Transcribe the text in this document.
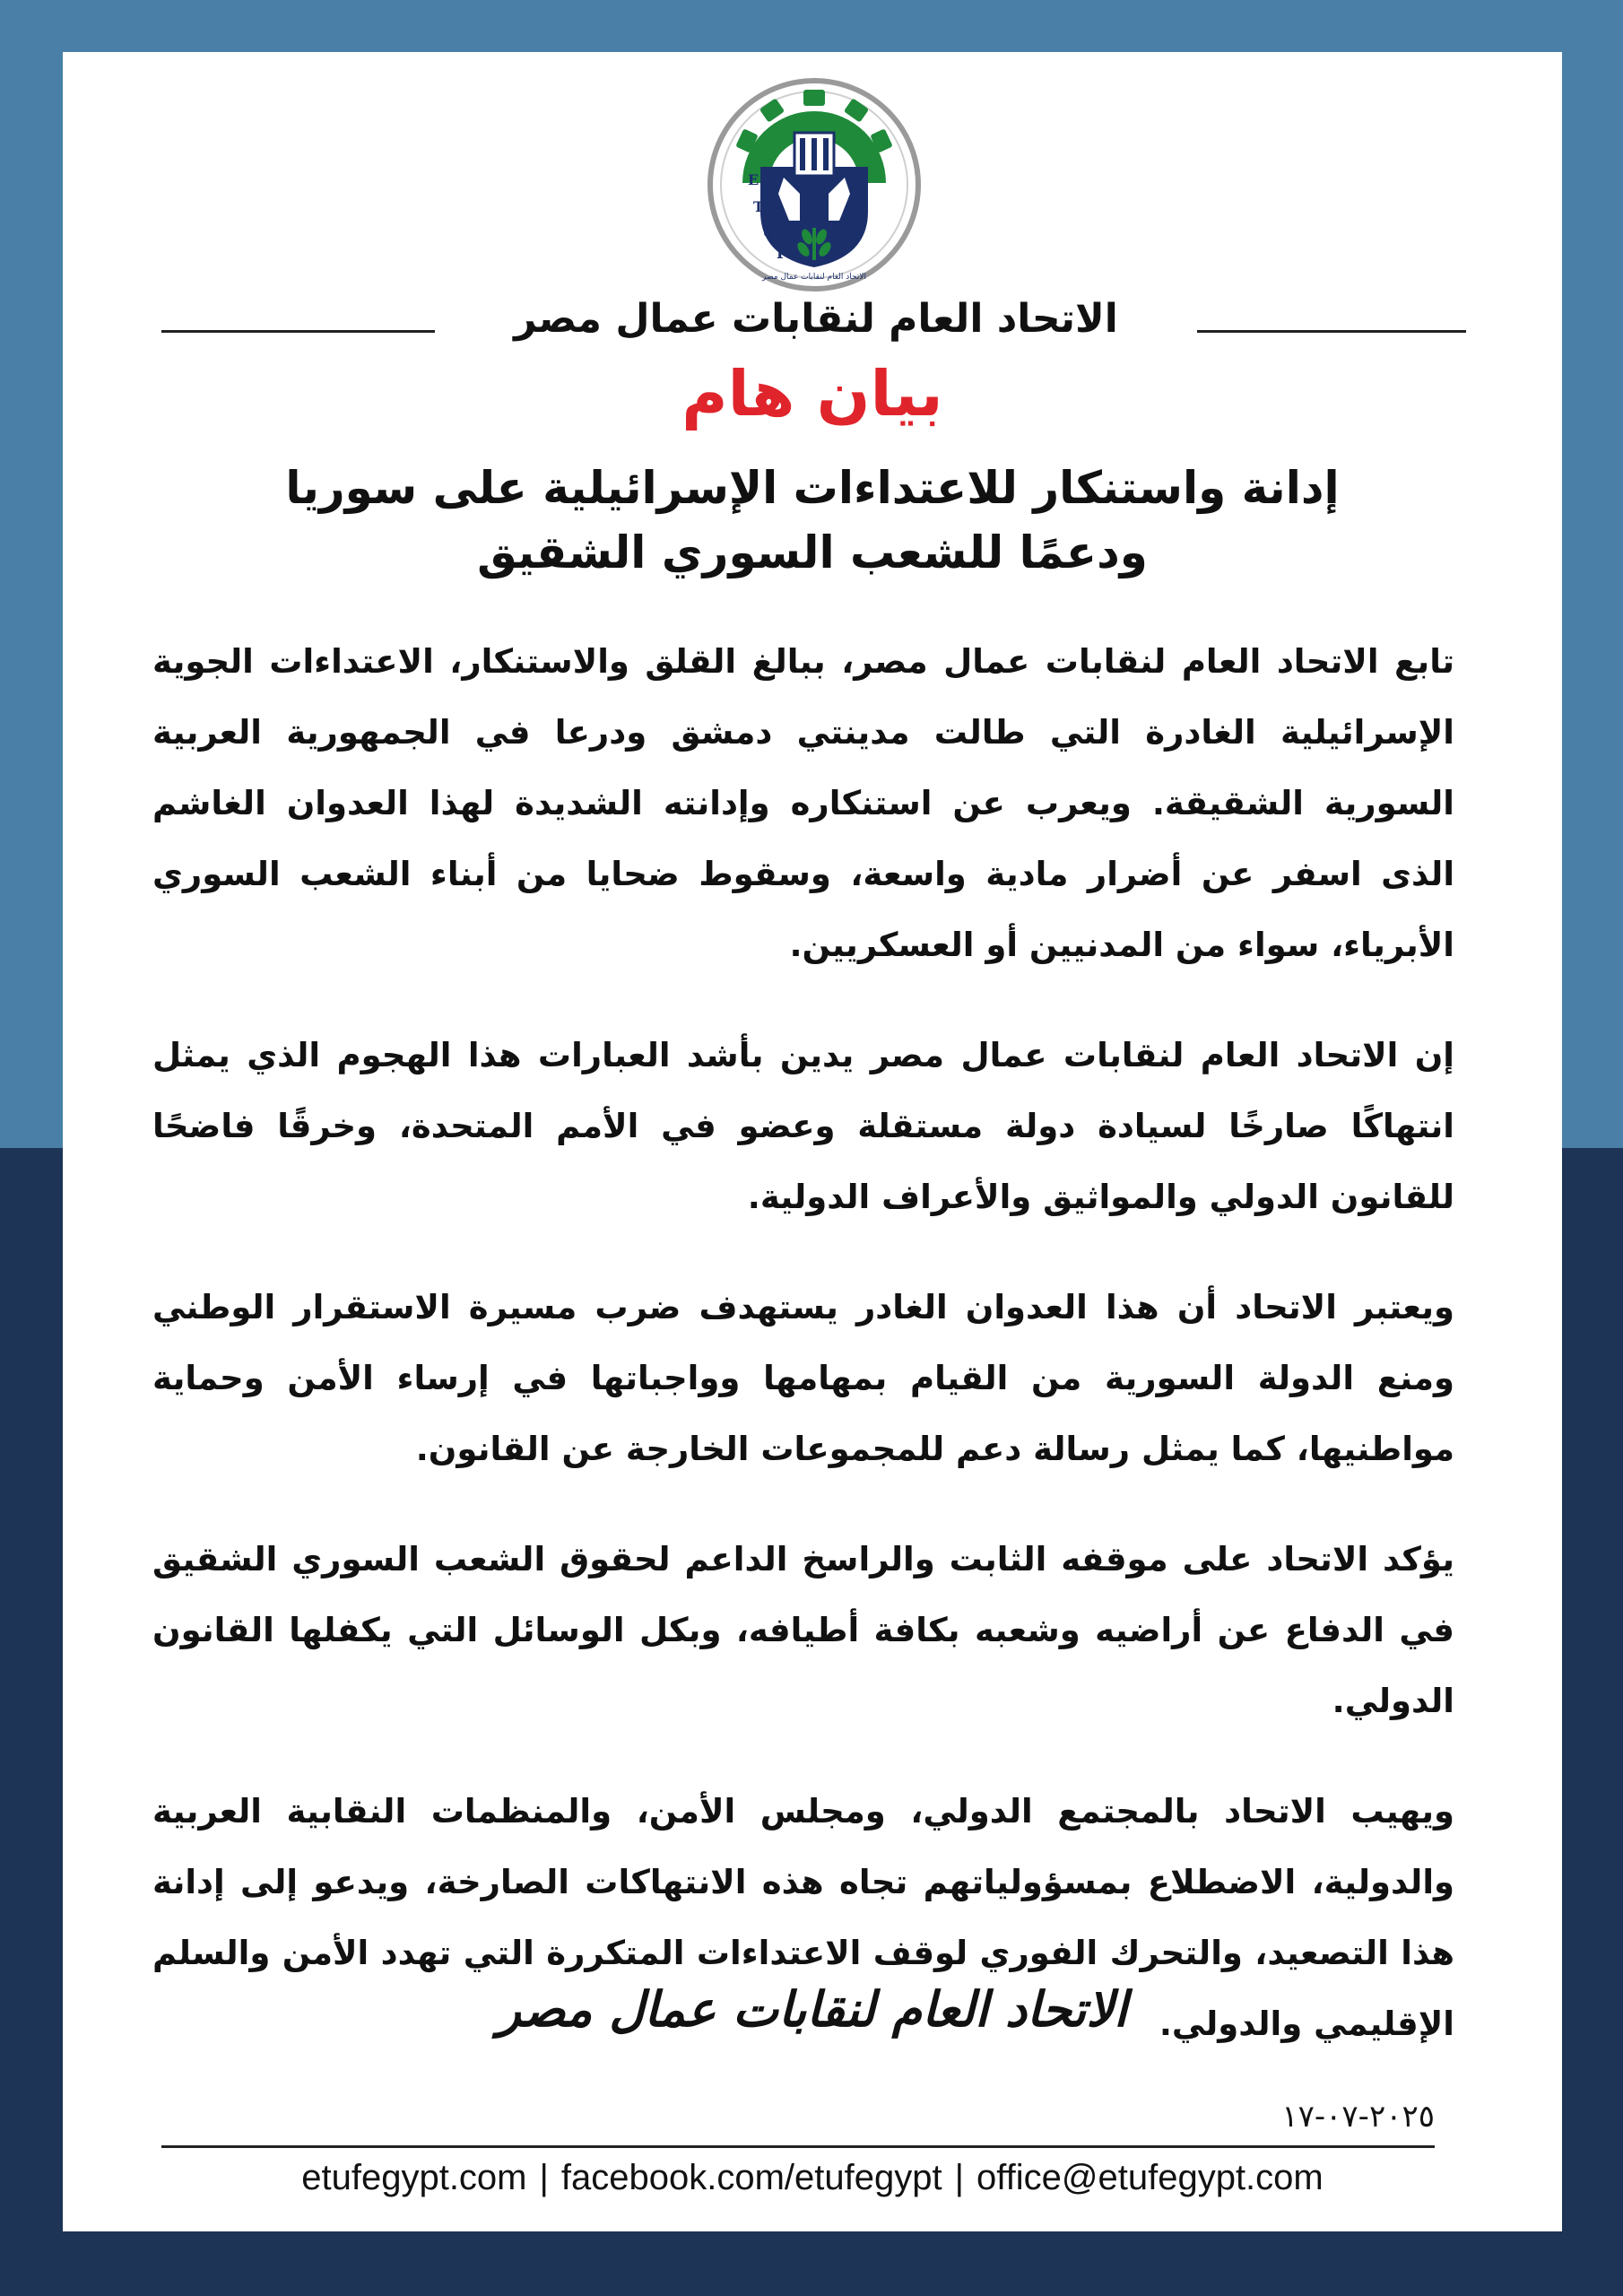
E
T
U
F
الاتحاد العام لنقابات عمال مصر
الاتحاد العام لنقابات عمال مصر
بيان هام
إدانة واستنكار للاعتداءات الإسرائيلية على سوريا
ودعمًا للشعب السوري الشقيق

تابع الاتحاد العام لنقابات عمال مصر، ببالغ القلق والاستنكار، الاعتداءات الجوية الإسرائيلية الغادرة التي طالت مدينتي دمشق ودرعا في الجمهورية العربية السورية الشقيقة. ويعرب عن استنكاره وإدانته الشديدة لهذا العدوان الغاشم الذى اسفر عن أضرار مادية واسعة، وسقوط ضحايا من أبناء الشعب السوري الأبرياء، سواء من المدنيين أو العسكريين.

إن الاتحاد العام لنقابات عمال مصر يدين بأشد العبارات هذا الهجوم الذي يمثل انتهاكًا صارخًا لسيادة دولة مستقلة وعضو في الأمم المتحدة، وخرقًا فاضحًا للقانون الدولي والمواثيق والأعراف الدولية.

ويعتبر الاتحاد أن هذا العدوان الغادر يستهدف ضرب مسيرة الاستقرار الوطني ومنع الدولة السورية من القيام بمهامها وواجباتها في إرساء الأمن وحماية مواطنيها، كما يمثل رسالة دعم للمجموعات الخارجة عن القانون.

يؤكد الاتحاد على موقفه الثابت والراسخ الداعم لحقوق الشعب السوري الشقيق في الدفاع عن أراضيه وشعبه بكافة أطيافه، وبكل الوسائل التي يكفلها القانون الدولي.

ويهيب الاتحاد بالمجتمع الدولي، ومجلس الأمن، والمنظمات النقابية العربية والدولية، الاضطلاع بمسؤولياتهم تجاه هذه الانتهاكات الصارخة، ويدعو إلى إدانة هذا التصعيد، والتحرك الفوري لوقف الاعتداءات المتكررة التي تهدد الأمن والسلم الإقليمي والدولي.

الاتحاد العام لنقابات عمال مصر
٢٠٢٥-٠٧-١٧
etufegypt.com | facebook.com/etufegypt | office@etufegypt.com
